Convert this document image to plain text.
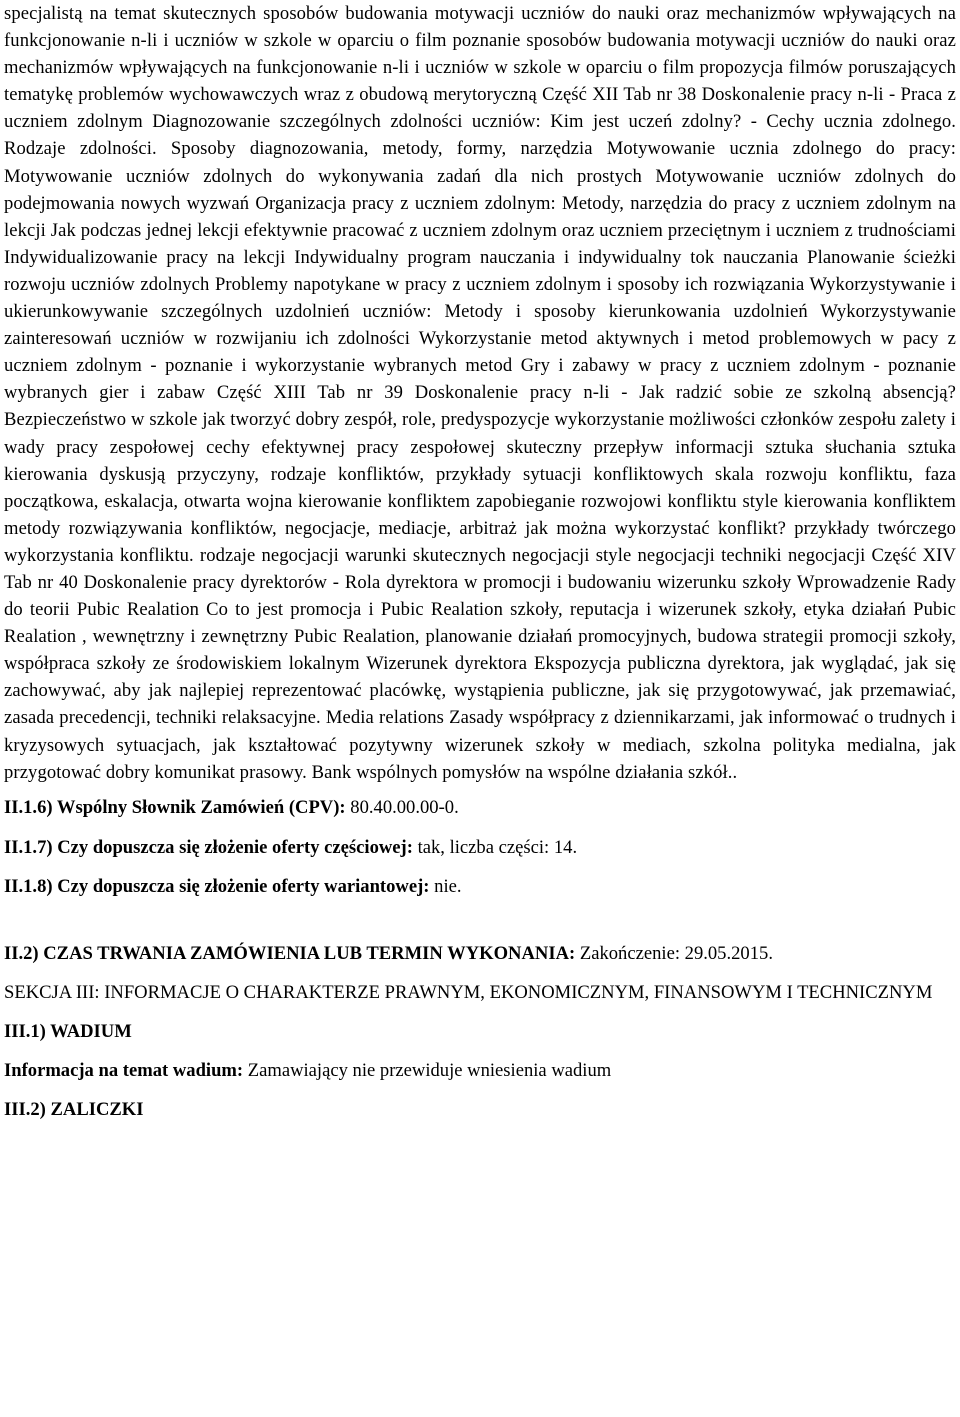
specjalistą na temat skutecznych sposobów budowania motywacji uczniów do nauki oraz mechanizmów wpływających na funkcjonowanie n-li i uczniów w szkole w oparciu o film poznanie sposobów budowania motywacji uczniów do nauki oraz mechanizmów wpływających na funkcjonowanie n-li i uczniów w szkole w oparciu o film propozycja filmów poruszających tematykę problemów wychowawczych wraz z obudową merytoryczną Część XII Tab nr 38 Doskonalenie pracy n-li - Praca z uczniem zdolnym Diagnozowanie szczególnych zdolności uczniów: Kim jest uczeń zdolny? - Cechy ucznia zdolnego. Rodzaje zdolności. Sposoby diagnozowania, metody, formy, narzędzia Motywowanie ucznia zdolnego do pracy: Motywowanie uczniów zdolnych do wykonywania zadań dla nich prostych Motywowanie uczniów zdolnych do podejmowania nowych wyzwań Organizacja pracy z uczniem zdolnym: Metody, narzędzia do pracy z uczniem zdolnym na lekcji Jak podczas jednej lekcji efektywnie pracować z uczniem zdolnym oraz uczniem przeciętnym i uczniem z trudnościami Indywidualizowanie pracy na lekcji Indywidualny program nauczania i indywidualny tok nauczania Planowanie ścieżki rozwoju uczniów zdolnych Problemy napotykane w pracy z uczniem zdolnym i sposoby ich rozwiązania Wykorzystywanie i ukierunkowywanie szczególnych uzdolnień uczniów: Metody i sposoby kierunkowania uzdolnień Wykorzystywanie zainteresowań uczniów w rozwijaniu ich zdolności Wykorzystanie metod aktywnych i metod problemowych w pacy z uczniem zdolnym - poznanie i wykorzystanie wybranych metod Gry i zabawy w pracy z uczniem zdolnym - poznanie wybranych gier i zabaw Część XIII Tab nr 39 Doskonalenie pracy n-li - Jak radzić sobie ze szkolną absencją? Bezpieczeństwo w szkole jak tworzyć dobry zespół, role, predyspozycje wykorzystanie możliwości członków zespołu zalety i wady pracy zespołowej cechy efektywnej pracy zespołowej skuteczny przepływ informacji sztuka słuchania sztuka kierowania dyskusją przyczyny, rodzaje konfliktów, przykłady sytuacji konfliktowych skala rozwoju konfliktu, faza początkowa, eskalacja, otwarta wojna kierowanie konfliktem zapobieganie rozwojowi konfliktu style kierowania konfliktem metody rozwiązywania konfliktów, negocjacje, mediacje, arbitraż jak można wykorzystać konflikt? przykłady twórczego wykorzystania konfliktu. rodzaje negocjacji warunki skutecznych negocjacji style negocjacji techniki negocjacji Część XIV Tab nr 40 Doskonalenie pracy dyrektorów - Rola dyrektora w promocji i budowaniu wizerunku szkoły Wprowadzenie Rady do teorii Pubic Realation Co to jest promocja i Pubic Realation szkoły, reputacja i wizerunek szkoły, etyka działań Pubic Realation , wewnętrzny i zewnętrzny Pubic Realation, planowanie działań promocyjnych, budowa strategii promocji szkoły, współpraca szkoły ze środowiskiem lokalnym Wizerunek dyrektora Ekspozycja publiczna dyrektora, jak wyglądać, jak się zachowywać, aby jak najlepiej reprezentować placówkę, wystąpienia publiczne, jak się przygotowywać, jak przemawiać, zasada precedencji, techniki relaksacyjne. Media relations Zasady współpracy z dziennikarzami, jak informować o trudnych i kryzysowych sytuacjach, jak kształtować pozytywny wizerunek szkoły w mediach, szkolna polityka medialna, jak przygotować dobry komunikat prasowy. Bank wspólnych pomysłów na wspólne działania szkół..

II.1.6) Wspólny Słownik Zamówień (CPV): 80.40.00.00-0.

II.1.7) Czy dopuszcza się złożenie oferty częściowej: tak, liczba części: 14.

II.1.8) Czy dopuszcza się złożenie oferty wariantowej: nie.

II.2) CZAS TRWANIA ZAMÓWIENIA LUB TERMIN WYKONANIA: Zakończenie: 29.05.2015.

SEKCJA III: INFORMACJE O CHARAKTERZE PRAWNYM, EKONOMICZNYM, FINANSOWYM I TECHNICZNYM

III.1) WADIUM

Informacja na temat wadium: Zamawiający nie przewiduje wniesienia wadium

III.2) ZALICZKI
